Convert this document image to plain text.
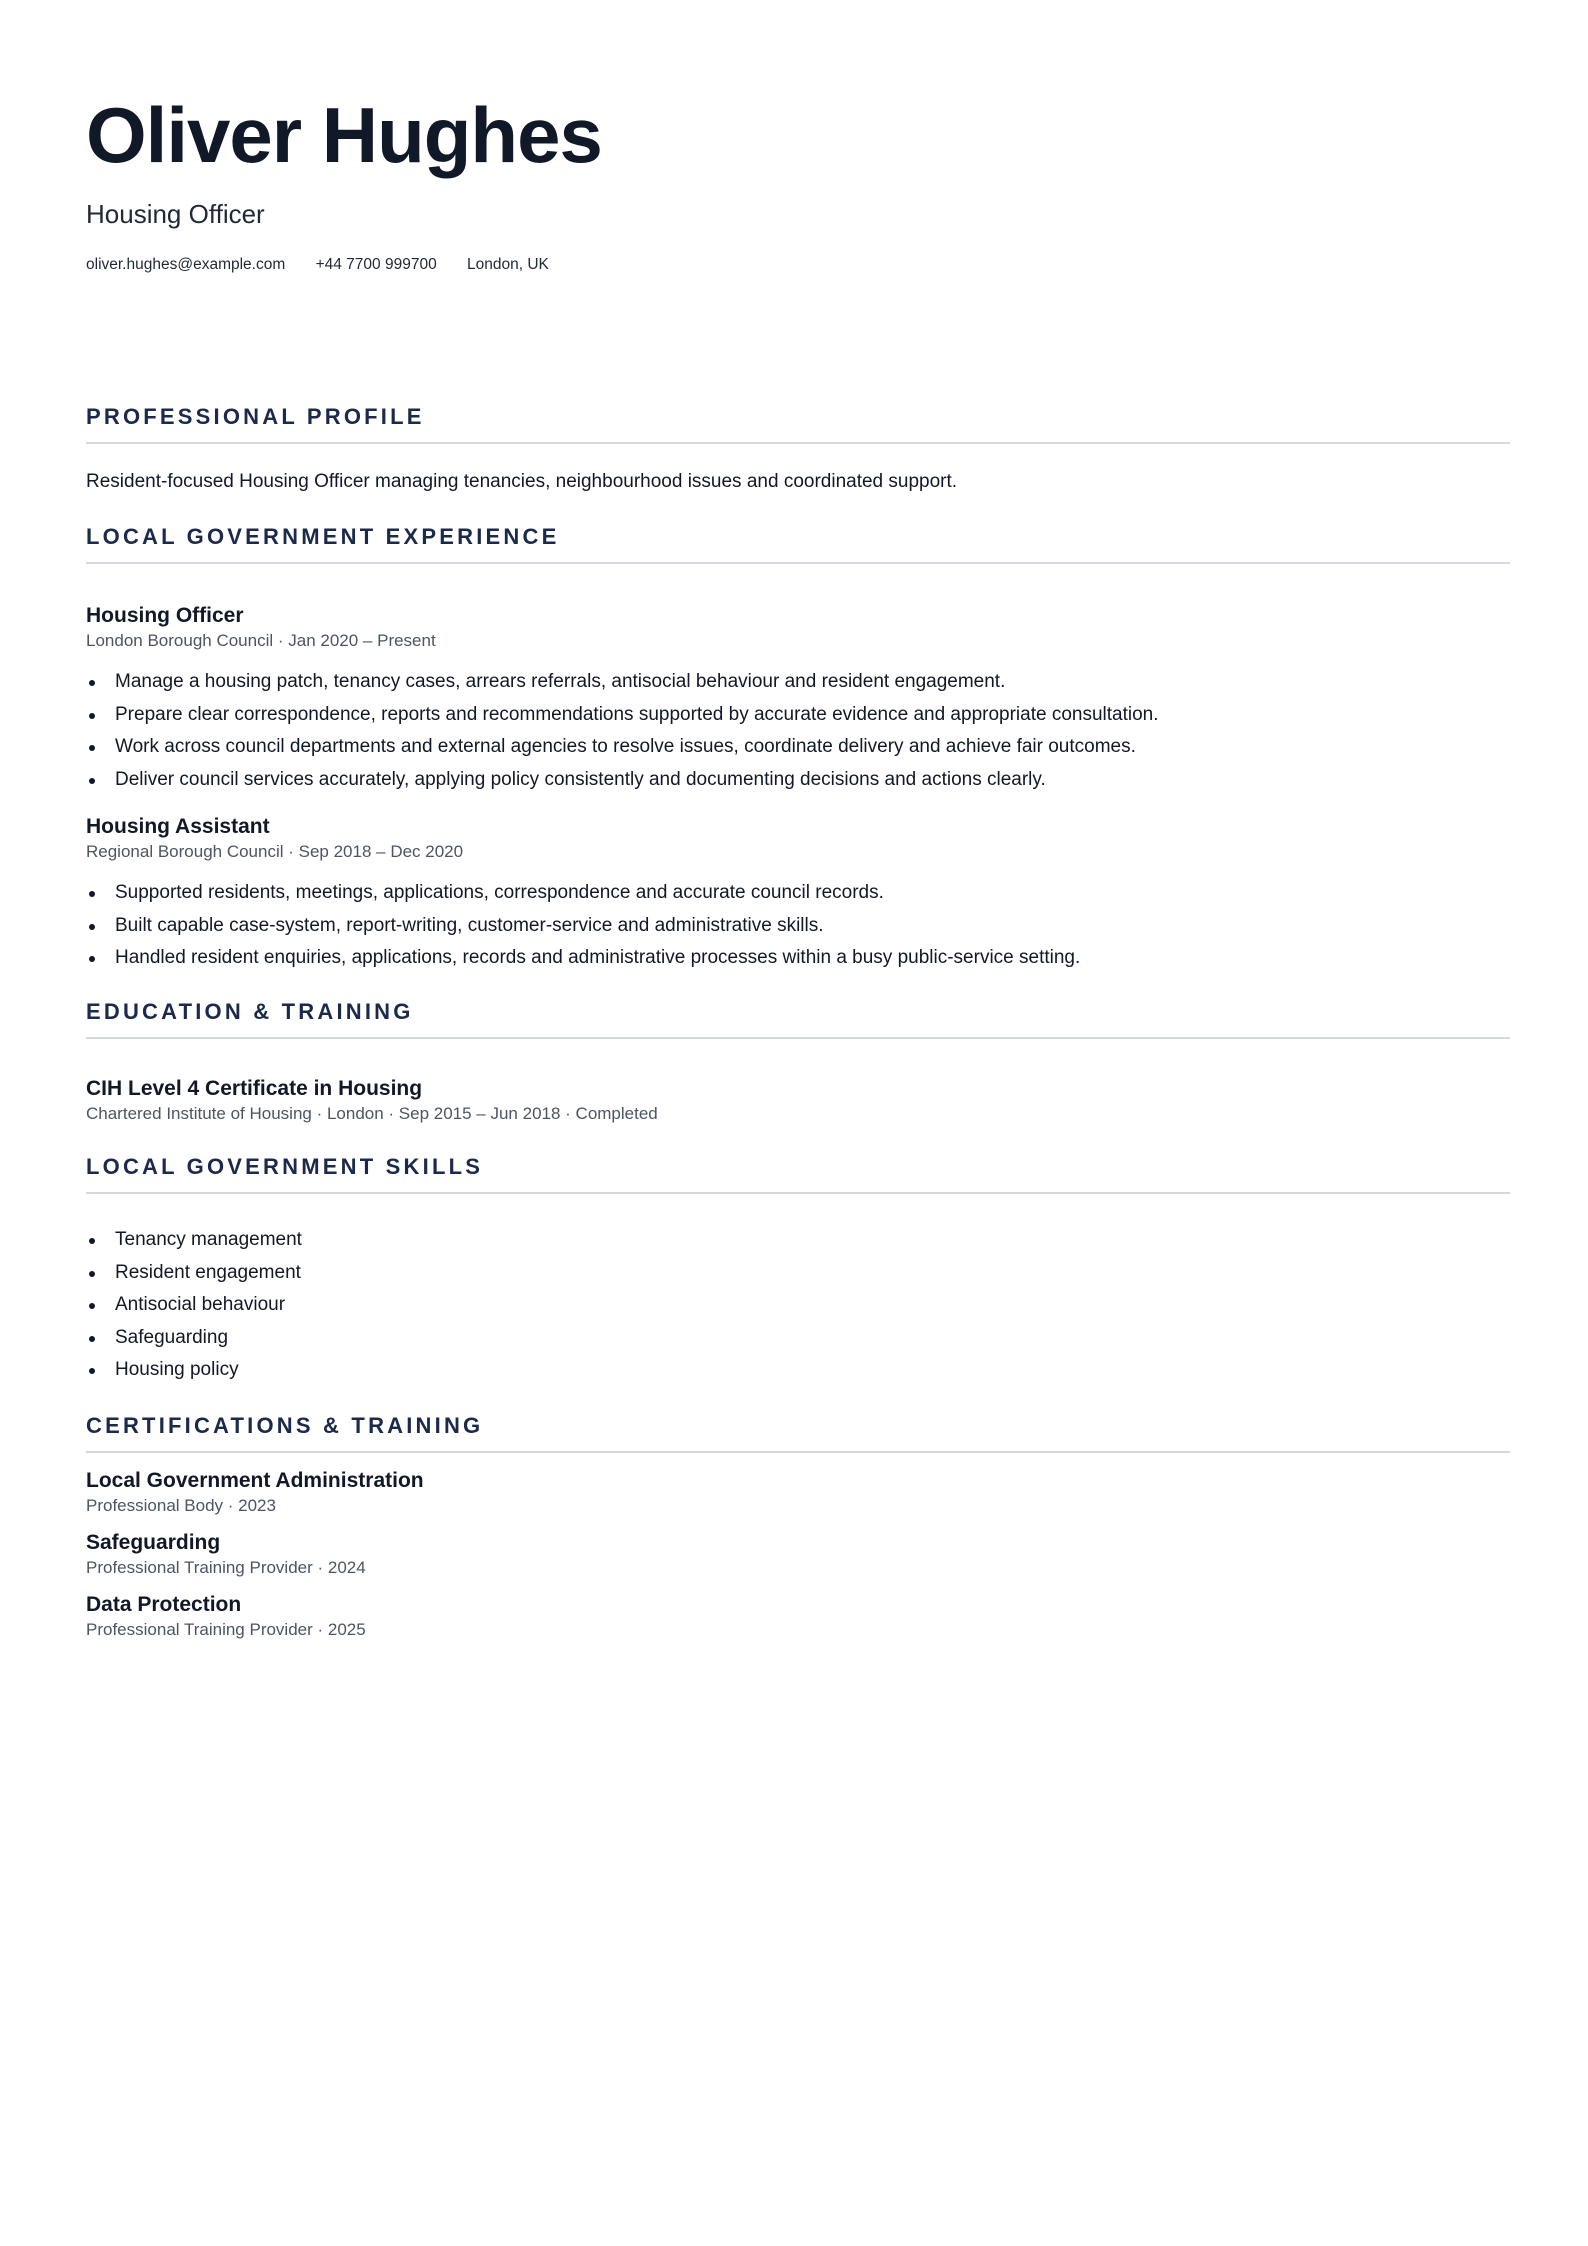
Oliver Hughes
Housing Officer
oliver.hughes@example.com +44 7700 999700 London, UK
PROFESSIONAL PROFILE
Resident-focused Housing Officer managing tenancies, neighbourhood issues and coordinated support.
LOCAL GOVERNMENT EXPERIENCE
Housing Officer
London Borough Council · Jan 2020 – Present
Manage a housing patch, tenancy cases, arrears referrals, antisocial behaviour and resident engagement.
Prepare clear correspondence, reports and recommendations supported by accurate evidence and appropriate consultation.
Work across council departments and external agencies to resolve issues, coordinate delivery and achieve fair outcomes.
Deliver council services accurately, applying policy consistently and documenting decisions and actions clearly.
Housing Assistant
Regional Borough Council · Sep 2018 – Dec 2020
Supported residents, meetings, applications, correspondence and accurate council records.
Built capable case-system, report-writing, customer-service and administrative skills.
Handled resident enquiries, applications, records and administrative processes within a busy public-service setting.
EDUCATION & TRAINING
CIH Level 4 Certificate in Housing
Chartered Institute of Housing · London · Sep 2015 – Jun 2018 · Completed
LOCAL GOVERNMENT SKILLS
Tenancy management
Resident engagement
Antisocial behaviour
Safeguarding
Housing policy
CERTIFICATIONS & TRAINING
Local Government Administration
Professional Body · 2023
Safeguarding
Professional Training Provider · 2024
Data Protection
Professional Training Provider · 2025
